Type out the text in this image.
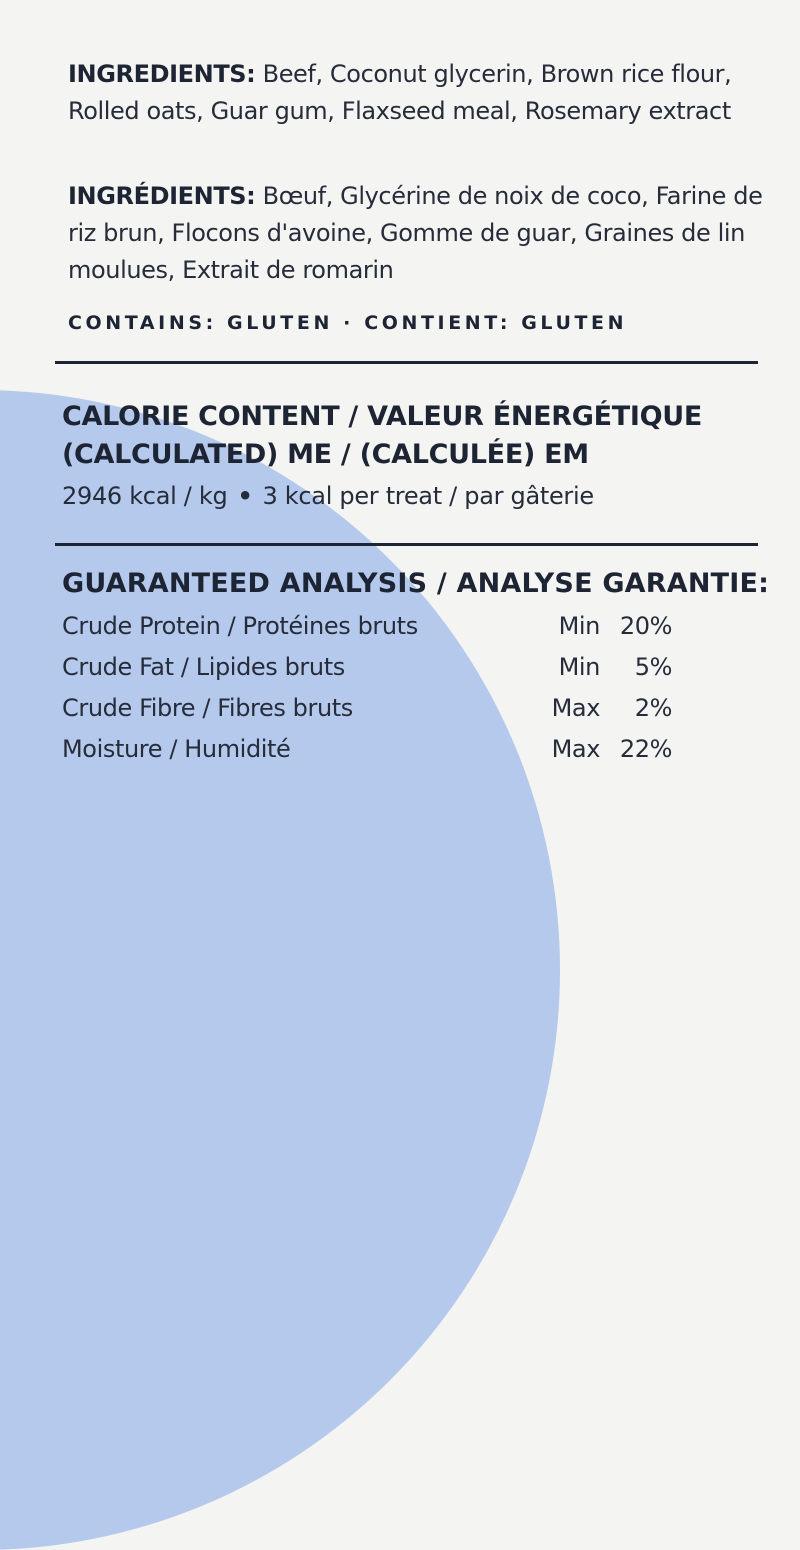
INGREDIENTS: Beef, Coconut glycerin, Brown rice flour, Rolled oats, Guar gum, Flaxseed meal, Rosemary extract
INGRÉDIENTS: Bœuf, Glycérine de noix de coco, Farine de riz brun, Flocons d'avoine, Gomme de guar, Graines de lin moulues, Extrait de romarin
CONTAINS: GLUTEN · CONTIENT: GLUTEN
CALORIE CONTENT / VALEUR ÉNERGÉTIQUE
(CALCULATED) ME / (CALCULÉE) EM
2946 kcal / kg • 3 kcal per treat / par gâterie
GUARANTEED ANALYSIS / ANALYSE GARANTIE:
Crude Protein / Protéines bruts	Min 20%
Crude Fat / Lipides bruts	Min 5%
Crude Fibre / Fibres bruts	Max 2%
Moisture / Humidité	Max 22%
